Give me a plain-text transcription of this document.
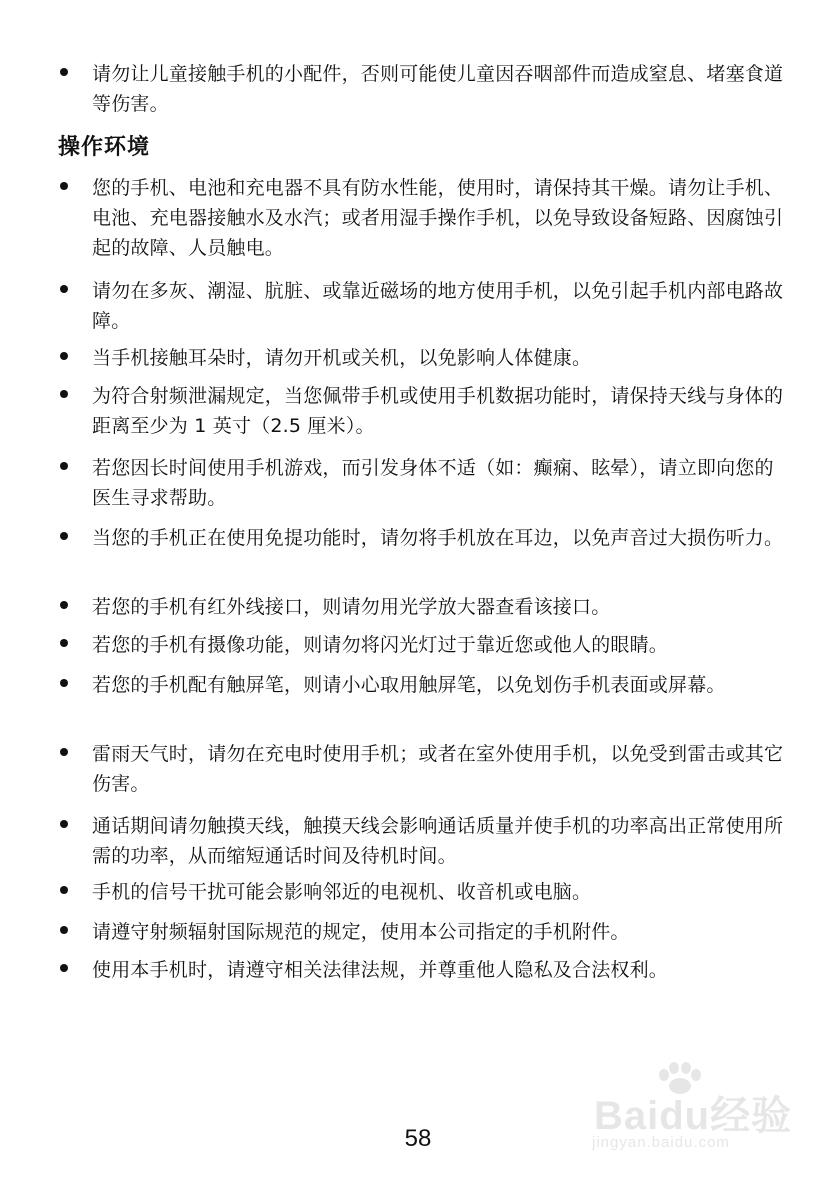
请勿让儿童接触手机的小配件，否则可能使儿童因吞咽部件而造成窒息、堵塞食道等伤害。
操作环境
您的手机、电池和充电器不具有防水性能，使用时，请保持其干燥。请勿让手机、电池、充电器接触水及水汽；或者用湿手操作手机，以免导致设备短路、因腐蚀引起的故障、人员触电。
请勿在多灰、潮湿、肮脏、或靠近磁场的地方使用手机，以免引起手机内部电路故障。
当手机接触耳朵时，请勿开机或关机，以免影响人体健康。
为符合射频泄漏规定，当您佩带手机或使用手机数据功能时，请保持天线与身体的距离至少为 1 英寸（2.5 厘米）。
若您因长时间使用手机游戏，而引发身体不适（如：癫痫、眩晕），请立即向您的医生寻求帮助。
当您的手机正在使用免提功能时，请勿将手机放在耳边，以免声音过大损伤听力。
若您的手机有红外线接口，则请勿用光学放大器查看该接口。
若您的手机有摄像功能，则请勿将闪光灯过于靠近您或他人的眼睛。
若您的手机配有触屏笔，则请小心取用触屏笔，以免划伤手机表面或屏幕。
雷雨天气时，请勿在充电时使用手机；或者在室外使用手机，以免受到雷击或其它伤害。
通话期间请勿触摸天线，触摸天线会影响通话质量并使手机的功率高出正常使用所需的功率，从而缩短通话时间及待机时间。
手机的信号干扰可能会影响邻近的电视机、收音机或电脑。
请遵守射频辐射国际规范的规定，使用本公司指定的手机附件。
使用本手机时，请遵守相关法律法规，并尊重他人隐私及合法权利。
Baidu经验
jingyan.baidu.com
58
